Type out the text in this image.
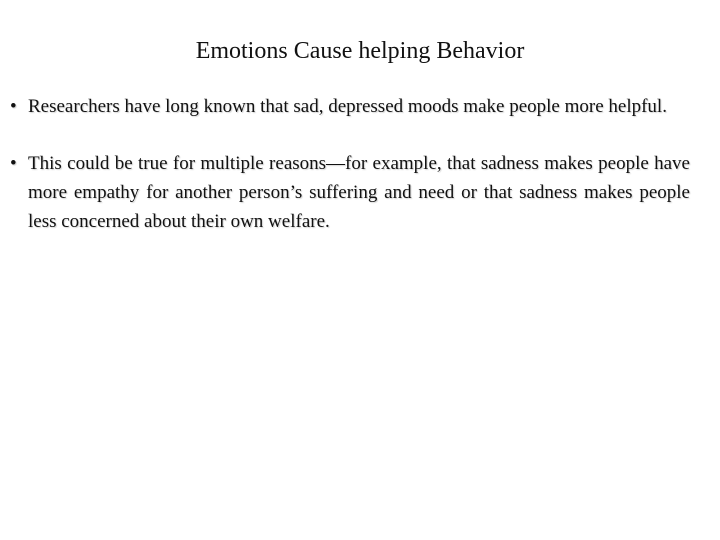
Emotions Cause helping Behavior
• Researchers have long known that sad, depressed moods make people more helpful.
• This could be true for multiple reasons—for example, that sadness makes people have more empathy for another person’s suffering and need or that sadness makes people less concerned about their own welfare.
